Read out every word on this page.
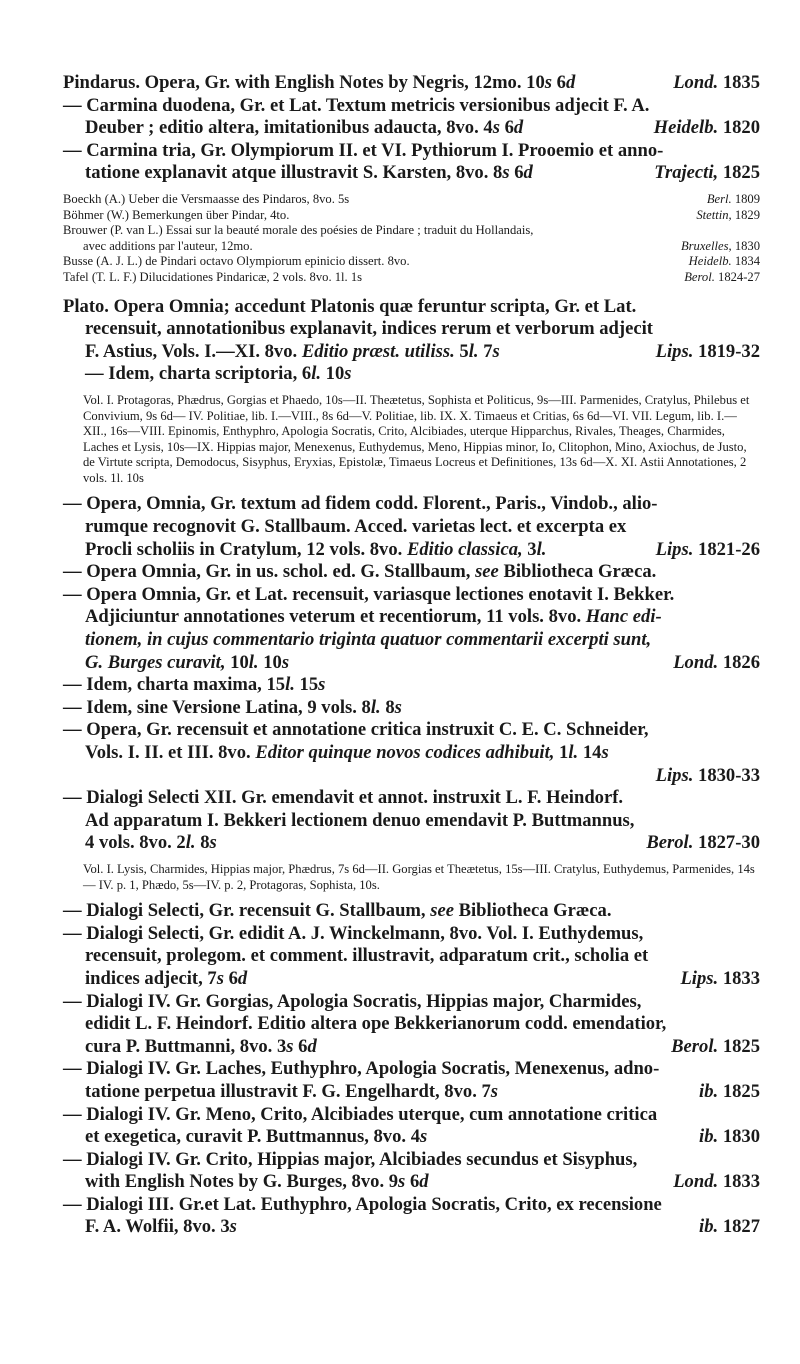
Pindarus. Opera, Gr. with English Notes by Negris, 12mo. 10s 6d	Lond. 1835

— Carmina duodena, Gr. et Lat. Textum metricis versionibus adjecit F. A.
Deuber ; editio altera, imitationibus adaucta, 8vo. 4s 6d	Heidelb. 1820

— Carmina tria, Gr. Olympiorum II. et VI. Pythiorum I. Prooemio et anno-
tatione explanavit atque illustravit S. Karsten, 8vo. 8s 6d	Trajecti, 1825

Boeckh (A.) Ueber die Versmaasse des Pindaros, 8vo. 5s	Berl. 1809
Böhmer (W.) Bemerkungen über Pindar, 4to.	Stettin, 1829
Brouwer (P. van L.) Essai sur la beauté morale des poésies de Pindare ; traduit du Hollandais,
avec additions par l'auteur, 12mo.	Bruxelles, 1830
Busse (A. J. L.) de Pindari octavo Olympiorum epinicio dissert. 8vo.	Heidelb. 1834
Tafel (T. L. F.) Dilucidationes Pindaricæ, 2 vols. 8vo. 1l. 1s	Berol. 1824-27

Plato. Opera Omnia; accedunt Platonis quæ feruntur scripta, Gr. et Lat.
recensuit, annotationibus explanavit, indices rerum et verborum adjecit
F. Astius, Vols. I.—XI. 8vo. Editio præst. utiliss. 5l. 7s	Lips. 1819-32

— Idem, charta scriptoria, 6l. 10s

Vol. I. Protagoras, Phædrus, Gorgias et Phaedo, 10s—II. Theætetus, Sophista et Politicus, 9s—III. Parmenides, Cratylus, Philebus et Convivium, 9s 6d— IV. Politiae, lib. I.—VIII., 8s 6d—V. Politiae, lib. IX. X. Timaeus et Critias, 6s 6d—VI. VII. Legum, lib. I.—XII., 16s—VIII. Epinomis, Enthyphro, Apologia Socratis, Crito, Alcibiades, uterque Hipparchus, Rivales, Theages, Charmides, Laches et Lysis, 10s—IX. Hippias major, Menexenus, Euthydemus, Meno, Hippias minor, Io, Clitophon, Mino, Axiochus, de Justo, de Virtute scripta, Demodocus, Sisyphus, Eryxias, Epistolæ, Timaeus Locreus et Definitiones, 13s 6d—X. XI. Astii Annotationes, 2 vols. 1l. 10s

— Opera, Omnia, Gr. textum ad fidem codd. Florent., Paris., Vindob., alio-
rumque recognovit G. Stallbaum. Acced. varietas lect. et excerpta ex
Procli scholiis in Cratylum, 12 vols. 8vo. Editio classica, 3l.	Lips. 1821-26

— Opera Omnia, Gr. in us. schol. ed. G. Stallbaum, see Bibliotheca Græca.

— Opera Omnia, Gr. et Lat. recensuit, variasque lectiones enotavit I. Bekker.
Adjiciuntur annotationes veterum et recentiorum, 11 vols. 8vo. Hanc edi-
tionem, in cujus commentario triginta quatuor commentarii excerpti sunt,
G. Burges curavit, 10l. 10s	Lond. 1826

— Idem, charta maxima, 15l. 15s

— Idem, sine Versione Latina, 9 vols. 8l. 8s

— Opera, Gr. recensuit et annotatione critica instruxit C. E. C. Schneider,
Vols. I. II. et III. 8vo. Editor quinque novos codices adhibuit, 1l. 14s

Lips. 1830-33

— Dialogi Selecti XII. Gr. emendavit et annot. instruxit L. F. Heindorf.
Ad apparatum I. Bekkeri lectionem denuo emendavit P. Buttmannus,
4 vols. 8vo. 2l. 8s	Berol. 1827-30

Vol. I. Lysis, Charmides, Hippias major, Phædrus, 7s 6d—II. Gorgias et Theætetus, 15s—III. Cratylus, Euthydemus, Parmenides, 14s — IV. p. 1, Phædo, 5s—IV. p. 2, Protagoras, Sophista, 10s.

— Dialogi Selecti, Gr. recensuit G. Stallbaum, see Bibliotheca Græca.

— Dialogi Selecti, Gr. edidit A. J. Winckelmann, 8vo. Vol. I. Euthydemus,
recensuit, prolegom. et comment. illustravit, adparatum crit., scholia et
indices adjecit, 7s 6d	Lips. 1833

— Dialogi IV. Gr. Gorgias, Apologia Socratis, Hippias major, Charmides,
edidit L. F. Heindorf. Editio altera ope Bekkerianorum codd. emendatior,
cura P. Buttmanni, 8vo. 3s 6d	Berol. 1825

— Dialogi IV. Gr. Laches, Euthyphro, Apologia Socratis, Menexenus, adno-
tatione perpetua illustravit F. G. Engelhardt, 8vo. 7s	ib. 1825

— Dialogi IV. Gr. Meno, Crito, Alcibiades uterque, cum annotatione critica
et exegetica, curavit P. Buttmannus, 8vo. 4s	ib. 1830

— Dialogi IV. Gr. Crito, Hippias major, Alcibiades secundus et Sisyphus,
with English Notes by G. Burges, 8vo. 9s 6d	Lond. 1833

— Dialogi III. Gr.et Lat. Euthyphro, Apologia Socratis, Crito, ex recensione
F. A. Wolfii, 8vo. 3s	ib. 1827
